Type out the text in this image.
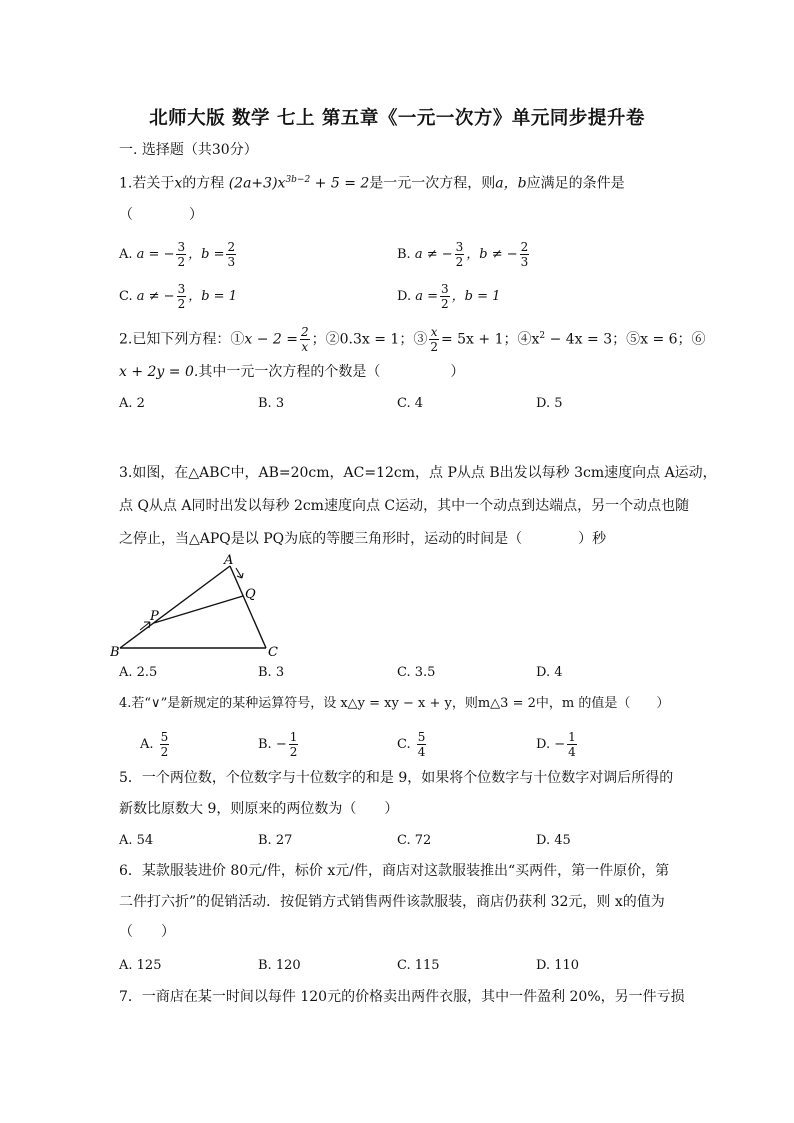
北师大版 数学 七上 第五章《一元一次方》单元同步提升卷
一. 选择题（共30分）
1.若关于x的方程 $(2a+3)x^{3b-2} + 5 = 2$是一元一次方程，则a，b应满足的条件是
（　　　　）
A. a = − $\frac{3}{2}$ ，$b = \frac{2}{3}$	B. a ≠ − $\frac{3}{2}$ ，b ≠ − $\frac{2}{3}$
C. a ≠ − $\frac{3}{2}$ ，b = 1	D. $a = \frac{3}{2}$ ，b = 1
2.已知下列方程：①x − $2 = \frac{2}{x}$ ；②0.3x = 1；③ $\frac{x}{2} = 5x + 1$；$④x^2 - 4x = 3$；⑤x = 6；⑥
x + 2y = 0.其中一元一次方程的个数是（　　　　　）
A. 2	B. 3	C. 4	D. 5
3.如图，在△ABC中，AB=20cm，AC=12cm，点 P从点 B出发以每秒 3cm速度向点 A运动，
点 Q从点 A同时出发以每秒 2cm速度向点 C运动，其中一个动点到达端点，另一个动点也随
之停止，当△APQ是以 PQ为底的等腰三角形时，运动的时间是（　　　　）秒
A
B	C
P
Q
A. 2.5	B. 3	C. 3.5	D. 4
4.若“∨”是新规定的某种运算符号，设 x△y = xy − x + y，则m△3 = 2中，m 的值是（　　）
A. $\frac{5}{2}$	B. − $\frac{1}{2}$	C. $\frac{5}{4}$	D. − $\frac{1}{4}$
5．一个两位数，个位数字与十位数字的和是 9，如果将个位数字与十位数字对调后所得的
新数比原数大 9，则原来的两位数为（　　）
A. 54	B. 27	C. 72	D. 45
6．某款服装进价 80元/件，标价 x元/件，商店对这款服装推出“买两件，第一件原价，第
二件打六折”的促销活动．按促销方式销售两件该款服装，商店仍获利 32元，则 x的值为
（　　）
A. 125	B. 120	C. 115	D. 110
7．一商店在某一时间以每件 120元的价格卖出两件衣服，其中一件盈利 20%，另一件亏损
